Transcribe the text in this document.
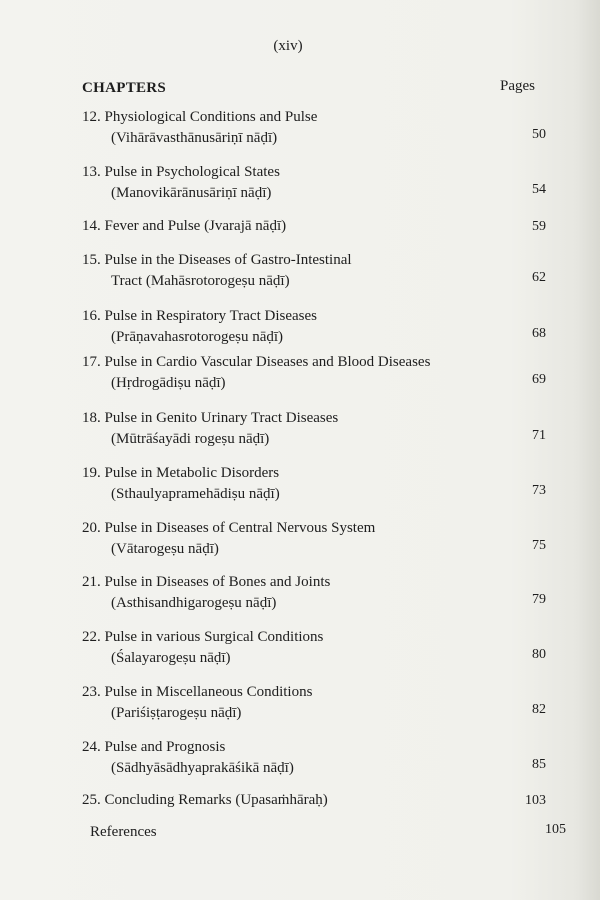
(xiv)
CHAPTERS	Pages
12. Physiological Conditions and Pulse
(Vihārāvasthānusāriṇī nāḍī)	50
13. Pulse in Psychological States
(Manovikārānusāriṇī nāḍī)	54
14. Fever and Pulse (Jvarajā nāḍī)	59
15. Pulse in the Diseases of Gastro-Intestinal
Tract (Mahāsrotorogeṣu nāḍī)	62
16. Pulse in Respiratory Tract Diseases
(Prāṇavahasrotorogeṣu nāḍī)	68
17. Pulse in Cardio Vascular Diseases and Blood Diseases
(Hṛdrogādiṣu nāḍī)	69
18. Pulse in Genito Urinary Tract Diseases
(Mūtrāśayādi rogeṣu nāḍī)	71
19. Pulse in Metabolic Disorders
(Sthaulyapramehādiṣu nāḍī)	73
20. Pulse in Diseases of Central Nervous System
(Vātarogeṣu nāḍī)	75
21. Pulse in Diseases of Bones and Joints
(Asthisandhigarogeṣu nāḍī)	79
22. Pulse in various Surgical Conditions
(Śalayarogeṣu nāḍī)	80
23. Pulse in Miscellaneous Conditions
(Pariśiṣṭarogeṣu nāḍī)	82
24. Pulse and Prognosis
(Sādhyāsādhyaprakāśikā nāḍī)	85
25. Concluding Remarks (Upasaṁhāraḥ)	103
References	105
